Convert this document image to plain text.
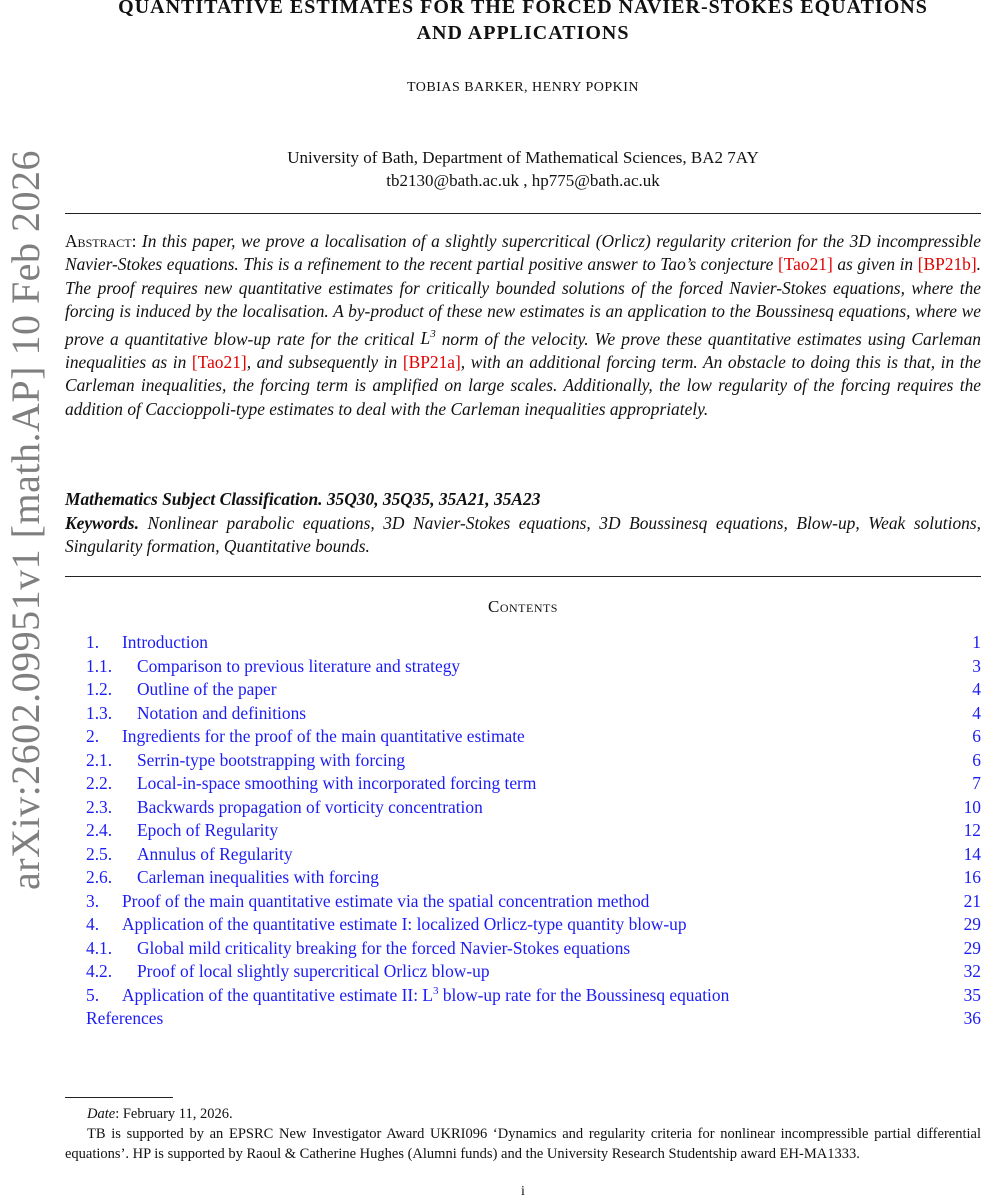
arXiv:2602.09951v1 [math.AP] 10 Feb 2026
QUANTITATIVE ESTIMATES FOR THE FORCED NAVIER-STOKES EQUATIONS
AND APPLICATIONS
TOBIAS BARKER, HENRY POPKIN
University of Bath, Department of Mathematical Sciences, BA2 7AY
tb2130@bath.ac.uk , hp775@bath.ac.uk
Abstract: In this paper, we prove a localisation of a slightly supercritical (Orlicz) regularity criterion for the 3D incompressible Navier-Stokes equations. This is a refinement to the recent partial positive answer to Tao’s conjecture [Tao21] as given in [BP21b]. The proof requires new quantitative estimates for critically bounded solutions of the forced Navier-Stokes equations, where the forcing is induced by the localisation. A by-product of these new estimates is an application to the Boussinesq equations, where we prove a quantitative blow-up rate for the critical $L^3$ norm of the velocity. We prove these quantitative estimates using Carleman inequalities as in [Tao21], and subsequently in [BP21a], with an additional forcing term. An obstacle to doing this is that, in the Carleman inequalities, the forcing term is amplified on large scales. Additionally, the low regularity of the forcing requires the addition of Caccioppoli-type estimates to deal with the Carleman inequalities appropriately.
Mathematics Subject Classification. 35Q30, 35Q35, 35A21, 35A23
Keywords. Nonlinear parabolic equations, 3D Navier-Stokes equations, 3D Boussinesq equations, Blow-up, Weak solutions, Singularity formation, Quantitative bounds.
Contents
1. Introduction	1
1.1. Comparison to previous literature and strategy	3
1.2. Outline of the paper	4
1.3. Notation and definitions	4
2. Ingredients for the proof of the main quantitative estimate	6
2.1. Serrin-type bootstrapping with forcing	6
2.2. Local-in-space smoothing with incorporated forcing term	7
2.3. Backwards propagation of vorticity concentration	10
2.4. Epoch of Regularity	12
2.5. Annulus of Regularity	14
2.6. Carleman inequalities with forcing	16
3. Proof of the main quantitative estimate via the spatial concentration method	21
4. Application of the quantitative estimate I: localized Orlicz-type quantity blow-up	29
4.1. Global mild criticality breaking for the forced Navier-Stokes equations	29
4.2. Proof of local slightly supercritical Orlicz blow-up	32
5. Application of the quantitative estimate II: $L^3$ blow-up rate for the Boussinesq equation	35
References	36
Date: February 11, 2026.
TB is supported by an EPSRC New Investigator Award UKRI096 ‘Dynamics and regularity criteria for nonlinear incompressible partial differential equations’. HP is supported by Raoul & Catherine Hughes (Alumni funds) and the University Research Studentship award EH-MA1333.
i
